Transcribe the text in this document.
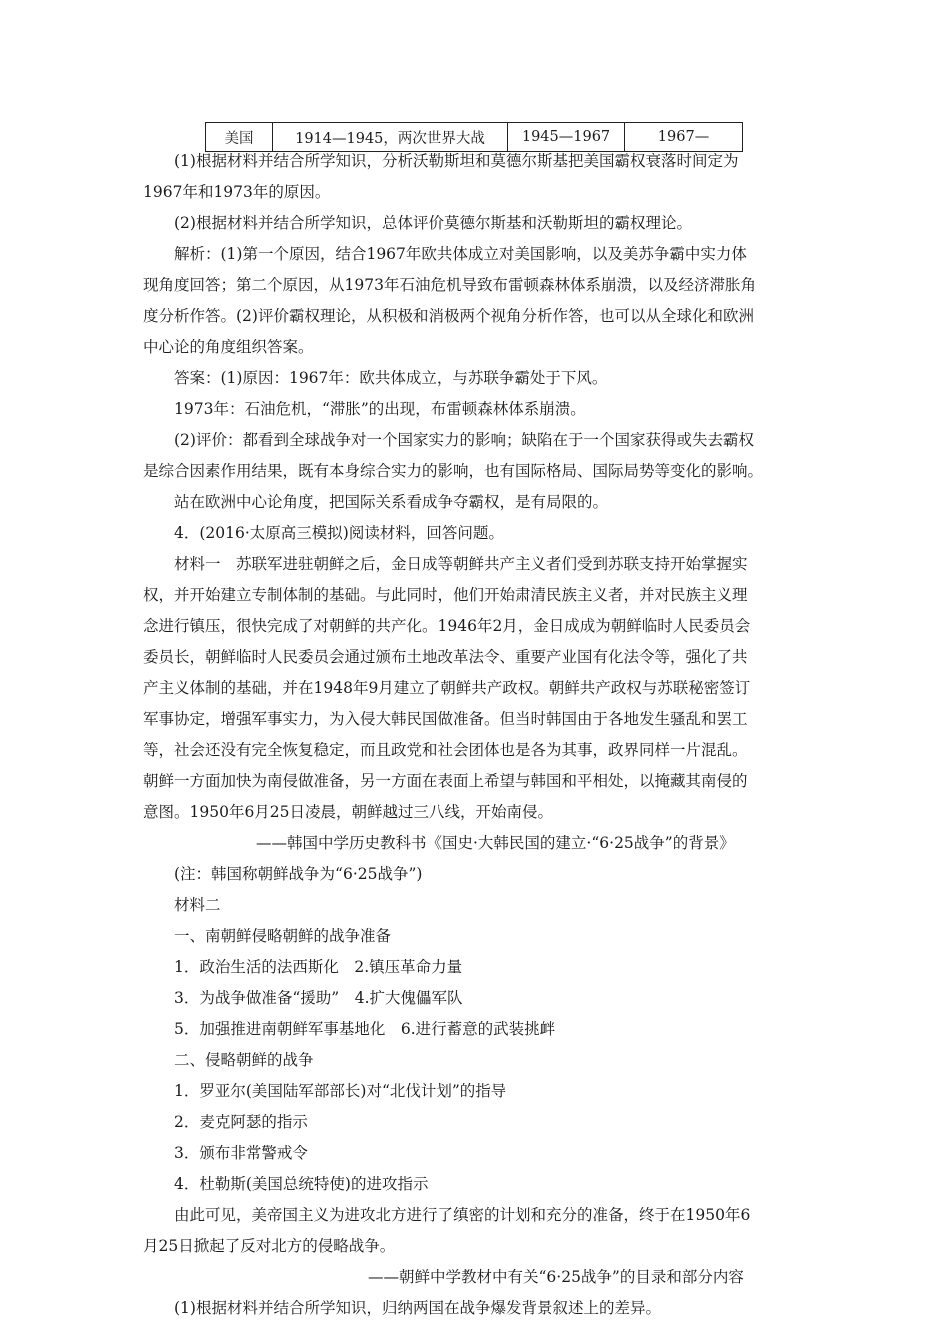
美国	1914—1945，两次世界大战	1945—1967	1967—
(1)根据材料并结合所学知识，分析沃勒斯坦和莫德尔斯基把美国霸权衰落时间定为
1967年和1973年的原因。
(2)根据材料并结合所学知识，总体评价莫德尔斯基和沃勒斯坦的霸权理论。
解析：(1)第一个原因，结合1967年欧共体成立对美国影响，以及美苏争霸中实力体
现角度回答；第二个原因，从1973年石油危机导致布雷顿森林体系崩溃，以及经济滞胀角
度分析作答。(2)评价霸权理论，从积极和消极两个视角分析作答，也可以从全球化和欧洲
中心论的角度组织答案。
答案：(1)原因：1967年：欧共体成立，与苏联争霸处于下风。
1973年：石油危机，“滞胀”的出现，布雷顿森林体系崩溃。
(2)评价：都看到全球战争对一个国家实力的影响；缺陷在于一个国家获得或失去霸权
是综合因素作用结果，既有本身综合实力的影响，也有国际格局、国际局势等变化的影响。
站在欧洲中心论角度，把国际关系看成争夺霸权，是有局限的。
4．(2016·太原高三模拟)阅读材料，回答问题。
材料一　苏联军进驻朝鲜之后，金日成等朝鲜共产主义者们受到苏联支持开始掌握实
权，并开始建立专制体制的基础。与此同时，他们开始肃清民族主义者，并对民族主义理
念进行镇压，很快完成了对朝鲜的共产化。1946年2月，金日成成为朝鲜临时人民委员会
委员长，朝鲜临时人民委员会通过颁布土地改革法令、重要产业国有化法令等，强化了共
产主义体制的基础，并在1948年9月建立了朝鲜共产政权。朝鲜共产政权与苏联秘密签订
军事协定，增强军事实力，为入侵大韩民国做准备。但当时韩国由于各地发生骚乱和罢工
等，社会还没有完全恢复稳定，而且政党和社会团体也是各为其事，政界同样一片混乱。
朝鲜一方面加快为南侵做准备，另一方面在表面上希望与韩国和平相处，以掩藏其南侵的
意图。1950年6月25日凌晨，朝鲜越过三八线，开始南侵。
——韩国中学历史教科书《国史·大韩民国的建立·“6·25战争”的背景》
(注：韩国称朝鲜战争为“6·25战争”)
材料二
一、南朝鲜侵略朝鲜的战争准备
1．政治生活的法西斯化　2.镇压革命力量
3．为战争做准备“援助”　4.扩大傀儡军队
5．加强推进南朝鲜军事基地化　6.进行蓄意的武装挑衅
二、侵略朝鲜的战争
1．罗亚尔(美国陆军部部长)对“北伐计划”的指导
2．麦克阿瑟的指示
3．颁布非常警戒令
4．杜勒斯(美国总统特使)的进攻指示
由此可见，美帝国主义为进攻北方进行了缜密的计划和充分的准备，终于在1950年6
月25日掀起了反对北方的侵略战争。
——朝鲜中学教材中有关“6·25战争”的目录和部分内容
(1)根据材料并结合所学知识，归纳两国在战争爆发背景叙述上的差异。
